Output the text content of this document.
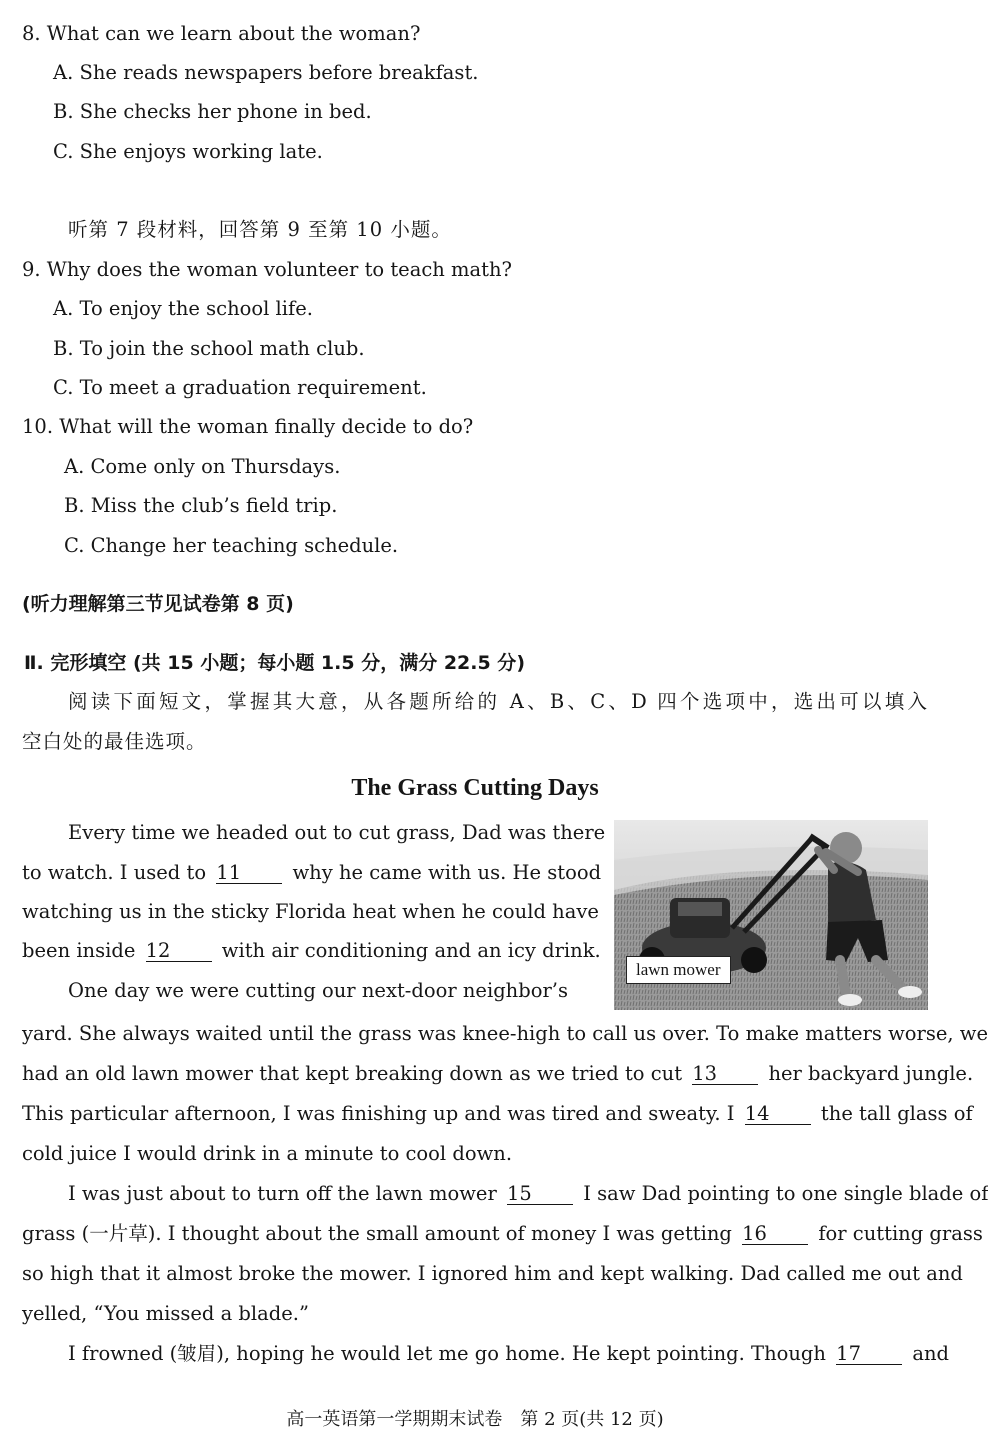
8. What can we learn about the woman?
A. She reads newspapers before breakfast.
B. She checks her phone in bed.
C. She enjoys working late.
听第 7 段材料，回答第 9 至第 10 小题。
9. Why does the woman volunteer to teach math?
A. To enjoy the school life.
B. To join the school math club.
C. To meet a graduation requirement.
10. What will the woman finally decide to do?
A. Come only on Thursdays.
B. Miss the club’s field trip.
C. Change her teaching schedule.
(听力理解第三节见试卷第 8 页)
Ⅱ. 完形填空 (共 15 小题；每小题 1.5 分，满分 22.5 分)
阅读下面短文，掌握其大意，从各题所给的 A、B、C、D 四个选项中，选出可以填入
空白处的最佳选项。
The Grass Cutting Days
lawn mower
Every time we headed out to cut grass, Dad was there
to watch. I used to 11	why he came with us. He stood
watching us in the sticky Florida heat when he could have
been inside 12	with air conditioning and an icy drink.
One day we were cutting our next-door neighbor’s
yard. She always waited until the grass was knee-high to call us over. To make matters worse, we
had an old lawn mower that kept breaking down as we tried to cut 13	her backyard jungle.
This particular afternoon, I was finishing up and was tired and sweaty. I 14	the tall glass of
cold juice I would drink in a minute to cool down.
I was just about to turn off the lawn mower 15	I saw Dad pointing to one single blade of
grass (一片草). I thought about the small amount of money I was getting 16	for cutting grass
so high that it almost broke the mower. I ignored him and kept walking. Dad called me out and
yelled, “You missed a blade.”
I frowned (皱眉), hoping he would let me go home. He kept pointing. Though 17	and
高一英语第一学期期末试卷　第 2 页(共 12 页)
